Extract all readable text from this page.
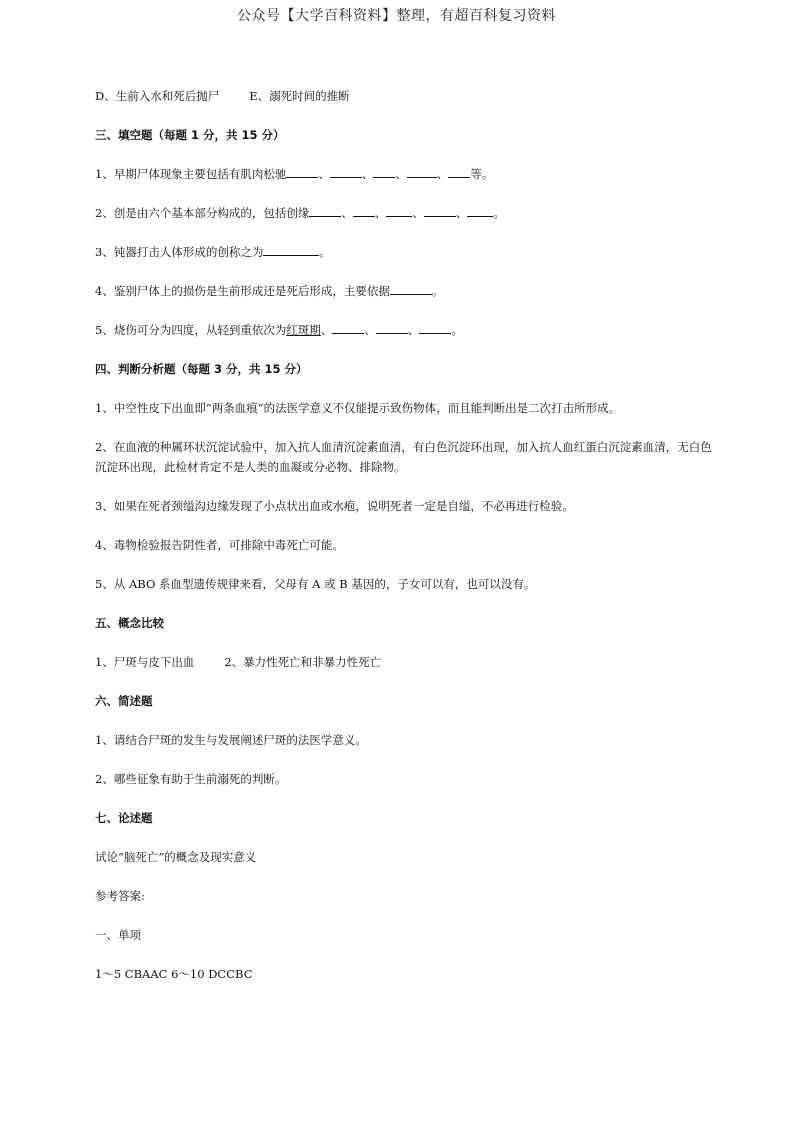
公众号【大学百科资料】整理，有超百科复习资料
D、生前入水和死后抛尸	E、溺死时间的推断
三、填空题（每题 1 分，共 15 分）
1、早期尸体现象主要包括有肌肉松驰	、	、 、	、 等。
2、创是由六个基本部分构成的，包括创缘	、 、 、	、 。
3、钝器打击人体形成的创称之为	。
4、鉴别尸体上的损伤是生前形成还是死后形成，主要依据	。
5、烧伤可分为四度，从轻到重依次为红斑期、	、	、	。
四、判断分析题（每题 3 分，共 15 分）
1、中空性皮下出血即“两条血痕”的法医学意义不仅能提示致伤物体，而且能判断出是二次打击所形成。
2、在血液的种属环状沉淀试验中，加入抗人血清沉淀素血清，有白色沉淀环出现，加入抗人血红蛋白沉淀素血清，无白色沉淀环出现，此检材肯定不是人类的血凝或分必物、排除物。
3、如果在死者颈缢沟边缘发现了小点状出血或水疱，说明死者一定是自缢，不必再进行检验。
4、毒物检验报告阴性者，可排除中毒死亡可能。
5、从 ABO 系血型遗传规律来看，父母有 A 或 B 基因的，子女可以有，也可以没有。
五、概念比较
1、尸斑与皮下出血	2、暴力性死亡和非暴力性死亡
六、简述题
1、请结合尸斑的发生与发展阐述尸斑的法医学意义。
2、哪些征象有助于生前溺死的判断。
七、论述题
试论“脑死亡”的概念及现实意义
参考答案:
一、单项
1～5 CBAAC 6～10 DCCBC
